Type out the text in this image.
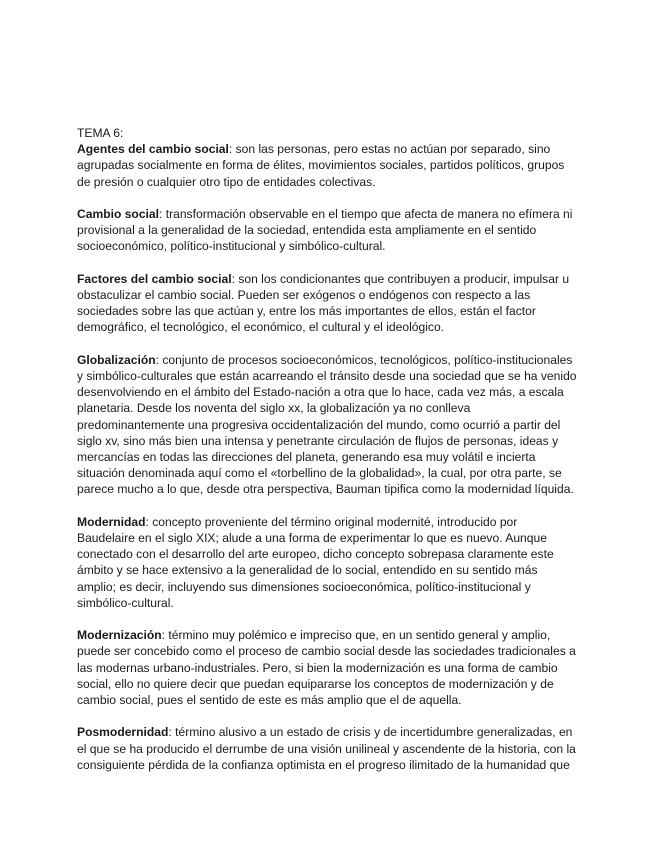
TEMA 6:

Agentes del cambio social: son las personas, pero estas no actúan por separado, sino agrupadas socialmente en forma de élites, movimientos sociales, partidos políticos, grupos de presión o cualquier otro tipo de entidades colectivas.

Cambio social: transformación observable en el tiempo que afecta de manera no efímera ni provisional a la generalidad de la sociedad, entendida esta ampliamente en el sentido socioeconómico, político-institucional y simbólico-cultural.

Factores del cambio social: son los condicionantes que contribuyen a producir, impulsar u obstaculizar el cambio social. Pueden ser exógenos o endógenos con respecto a las sociedades sobre las que actúan y, entre los más importantes de ellos, están el factor demográfico, el tecnológico, el económico, el cultural y el ideológico.

Globalización: conjunto de procesos socioeconómicos, tecnológicos, político-institucionales y simbólico-culturales que están acarreando el tránsito desde una sociedad que se ha venido desenvolviendo en el ámbito del Estado-nación a otra que lo hace, cada vez más, a escala planetaria. Desde los noventa del siglo xx, la globalización ya no conlleva predominantemente una progresiva occidentalización del mundo, como ocurrió a partir del siglo xv, sino más bien una intensa y penetrante circulación de flujos de personas, ideas y mercancías en todas las direcciones del planeta, generando esa muy volátil e incierta situación denominada aquí como el «torbellino de la globalidad», la cual, por otra parte, se parece mucho a lo que, desde otra perspectiva, Bauman tipifica como la modernidad líquida.

Modernidad: concepto proveniente del término original modernité, introducido por Baudelaire en el siglo XIX; alude a una forma de experimentar lo que es nuevo. Aunque conectado con el desarrollo del arte europeo, dicho concepto sobrepasa claramente este ámbito y se hace extensivo a la generalidad de lo social, entendido en su sentido más amplio; es decir, incluyendo sus dimensiones socioeconómica, político-institucional y simbólico-cultural.

Modernización: término muy polémico e impreciso que, en un sentido general y amplio, puede ser concebido como el proceso de cambio social desde las sociedades tradicionales a las modernas urbano-industriales. Pero, si bien la modernización es una forma de cambio social, ello no quiere decir que puedan equipararse los conceptos de modernización y de cambio social, pues el sentido de este es más amplio que el de aquella.

Posmodernidad: término alusivo a un estado de crisis y de incertidumbre generalizadas, en el que se ha producido el derrumbe de una visión unilineal y ascendente de la historia, con la consiguiente pérdida de la confianza optimista en el progreso ilimitado de la humanidad que
